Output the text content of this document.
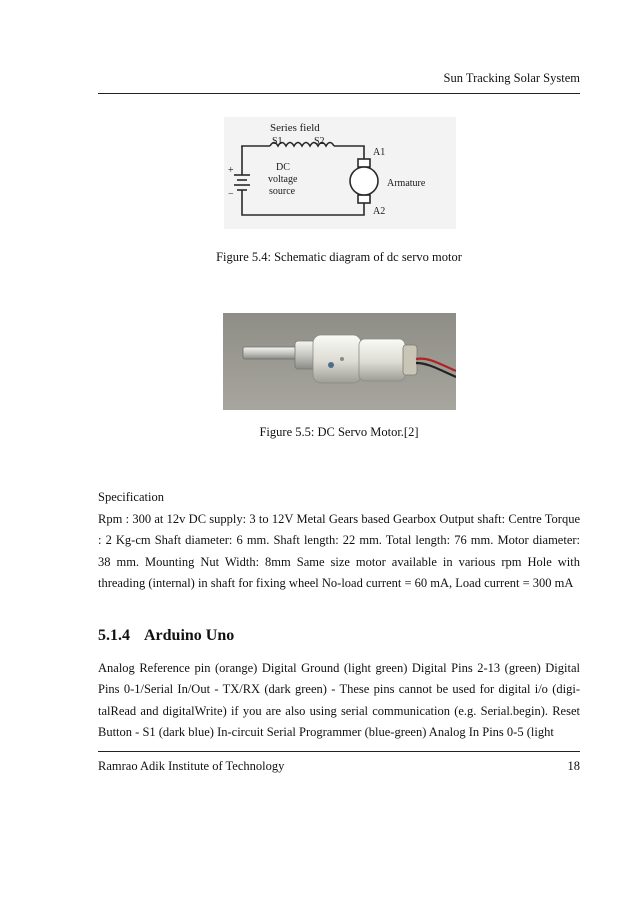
Sun Tracking Solar System
Series field
S1	S2
+
−
DC
voltage
source
A1
A2
Armature
Figure 5.4: Schematic diagram of dc servo motor
Figure 5.5: DC Servo Motor.[2]

Specification

Rpm : 300 at 12v DC supply: 3 to 12V Metal Gears based Gearbox Output shaft: Centre Torque : 2 Kg-cm Shaft diameter: 6 mm. Shaft length: 22 mm. Total length: 76 mm. Motor diameter: 38 mm. Mounting Nut Width: 8mm Same size motor available in various rpm Hole with threading (internal) in shaft for fixing wheel No-load current = 60 mA, Load current = 300 mA

5.1.4 Arduino Uno

Analog Reference pin (orange) Digital Ground (light green) Digital Pins 2-13 (green) Digital Pins 0-1/Serial In/Out - TX/RX (dark green) - These pins cannot be used for digital i/o (digi-talRead and digitalWrite) if you are also using serial communication (e.g. Serial.begin). Reset Button - S1 (dark blue) In-circuit Serial Programmer (blue-green) Analog In Pins 0-5 (light

Ramrao Adik Institute of Technology	18
